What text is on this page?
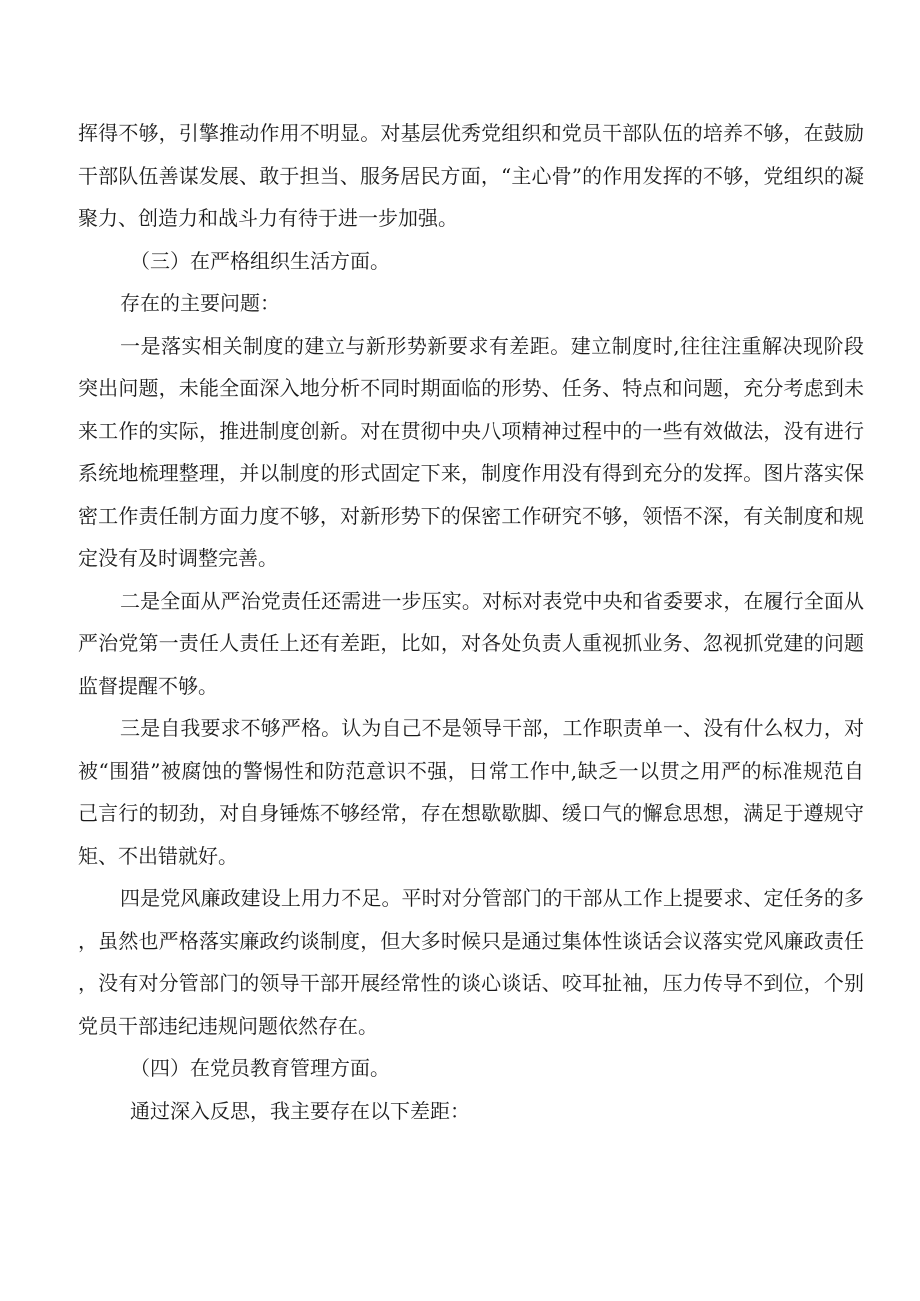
挥得不够，引擎推动作用不明显。对基层优秀党组织和党员干部队伍的培养不够，在鼓励干部队伍善谋发展、敢于担当、服务居民方面，“主心骨”的作用发挥的不够，党组织的凝聚力、创造力和战斗力有待于进一步加强。

（三）在严格组织生活方面。

存在的主要问题：

一是落实相关制度的建立与新形势新要求有差距。建立制度时,往往注重解决现阶段突出问题，未能全面深入地分析不同时期面临的形势、任务、特点和问题，充分考虑到未来工作的实际，推进制度创新。对在贯彻中央八项精神过程中的一些有效做法，没有进行系统地梳理整理，并以制度的形式固定下来，制度作用没有得到充分的发挥。图片落实保密工作责任制方面力度不够，对新形势下的保密工作研究不够，领悟不深，有关制度和规定没有及时调整完善。

二是全面从严治党责任还需进一步压实。对标对表党中央和省委要求，在履行全面从严治党第一责任人责任上还有差距，比如，对各处负责人重视抓业务、忽视抓党建的问题监督提醒不够。

三是自我要求不够严格。认为自己不是领导干部，工作职责单一、没有什么权力，对被“围猎”被腐蚀的警惕性和防范意识不强，日常工作中,缺乏一以贯之用严的标准规范自己言行的韧劲，对自身锤炼不够经常，存在想歇歇脚、缓口气的懈怠思想，满足于遵规守矩、不出错就好。

四是党风廉政建设上用力不足。平时对分管部门的干部从工作上提要求、定任务的多，虽然也严格落实廉政约谈制度，但大多时候只是通过集体性谈话会议落实党风廉政责任，没有对分管部门的领导干部开展经常性的谈心谈话、咬耳扯袖，压力传导不到位，个别党员干部违纪违规问题依然存在。

（四）在党员教育管理方面。

通过深入反思，我主要存在以下差距：
